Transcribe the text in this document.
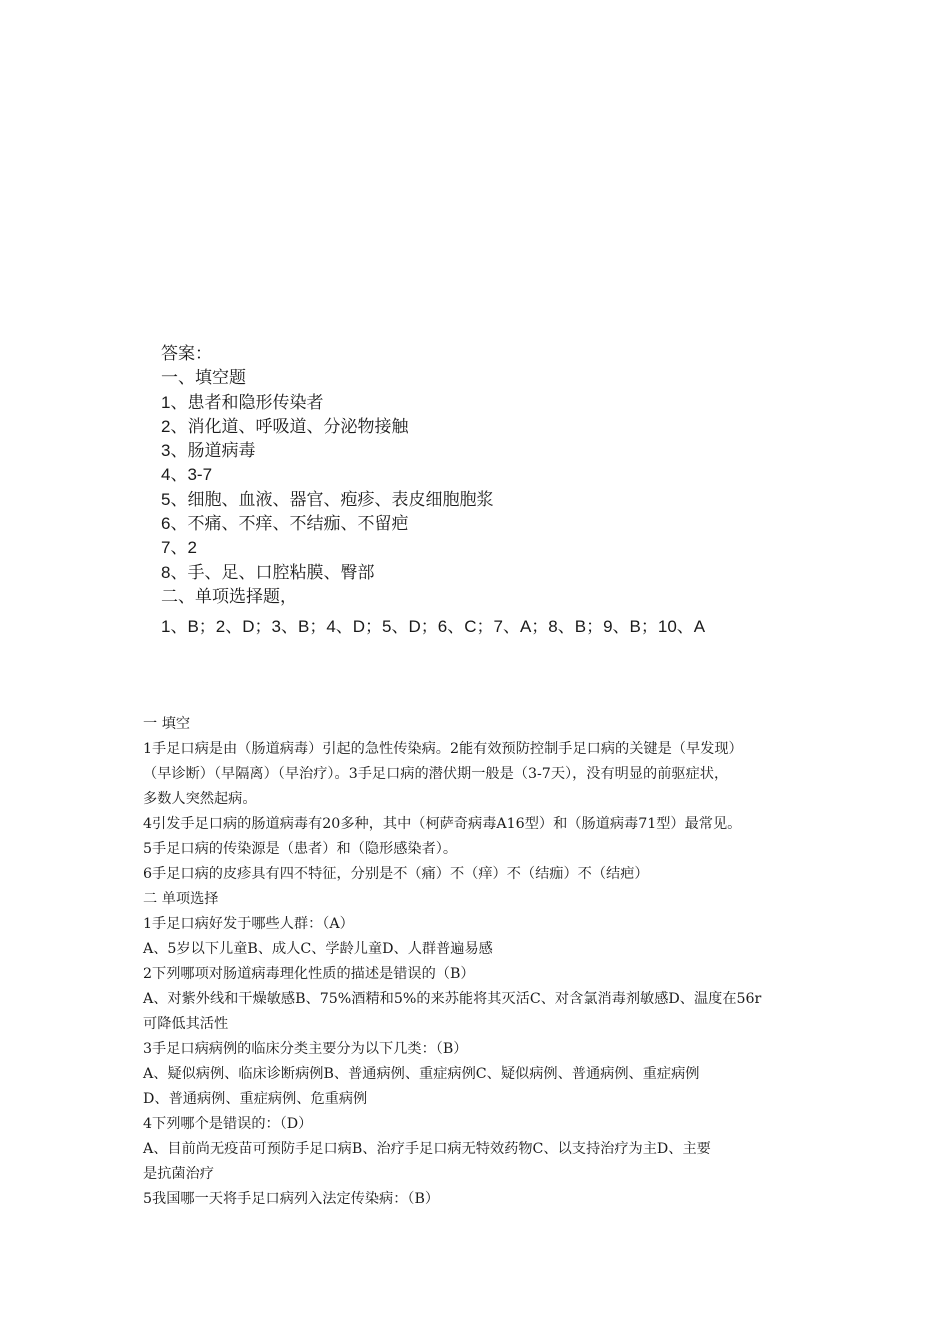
答案：
一、填空题
1、患者和隐形传染者
2、消化道、呼吸道、分泌物接触
3、肠道病毒
4、3-7
5、细胞、血液、器官、疱疹、表皮细胞胞浆
6、不痛、不痒、不结痂、不留疤
7、2
8、手、足、口腔粘膜、臀部
二、单项选择题，
1、B；2、D；3、B；4、D；5、D；6、C；7、A；8、B；9、B；10、A
一 填空
1手足口病是由（肠道病毒）引起的急性传染病。2能有效预防控制手足口病的关键是（早发现）
（早诊断）（早隔离）（早治疗）。3手足口病的潜伏期一般是（3-7天），没有明显的前驱症状，
多数人突然起病。
4引发手足口病的肠道病毒有20多种，其中（柯萨奇病毒A16型）和（肠道病毒71型）最常见。
5手足口病的传染源是（患者）和（隐形感染者）。
6手足口病的皮疹具有四不特征，分别是不（痛）不（痒）不（结痂）不（结疤）
二 单项选择
1手足口病好发于哪些人群：（A）
A、5岁以下儿童B、成人C、学龄儿童D、人群普遍易感
2下列哪项对肠道病毒理化性质的描述是错误的（B）
A、对紫外线和干燥敏感B、75%酒精和5%的来苏能将其灭活C、对含氯消毒剂敏感D、温度在56r
可降低其活性
3手足口病病例的临床分类主要分为以下几类：（B）
A、疑似病例、临床诊断病例B、普通病例、重症病例C、疑似病例、普通病例、重症病例
D、普通病例、重症病例、危重病例
4下列哪个是错误的：（D）
A、目前尚无疫苗可预防手足口病B、治疗手足口病无特效药物C、以支持治疗为主D、主要
是抗菌治疗
5我国哪一天将手足口病列入法定传染病：（B）
